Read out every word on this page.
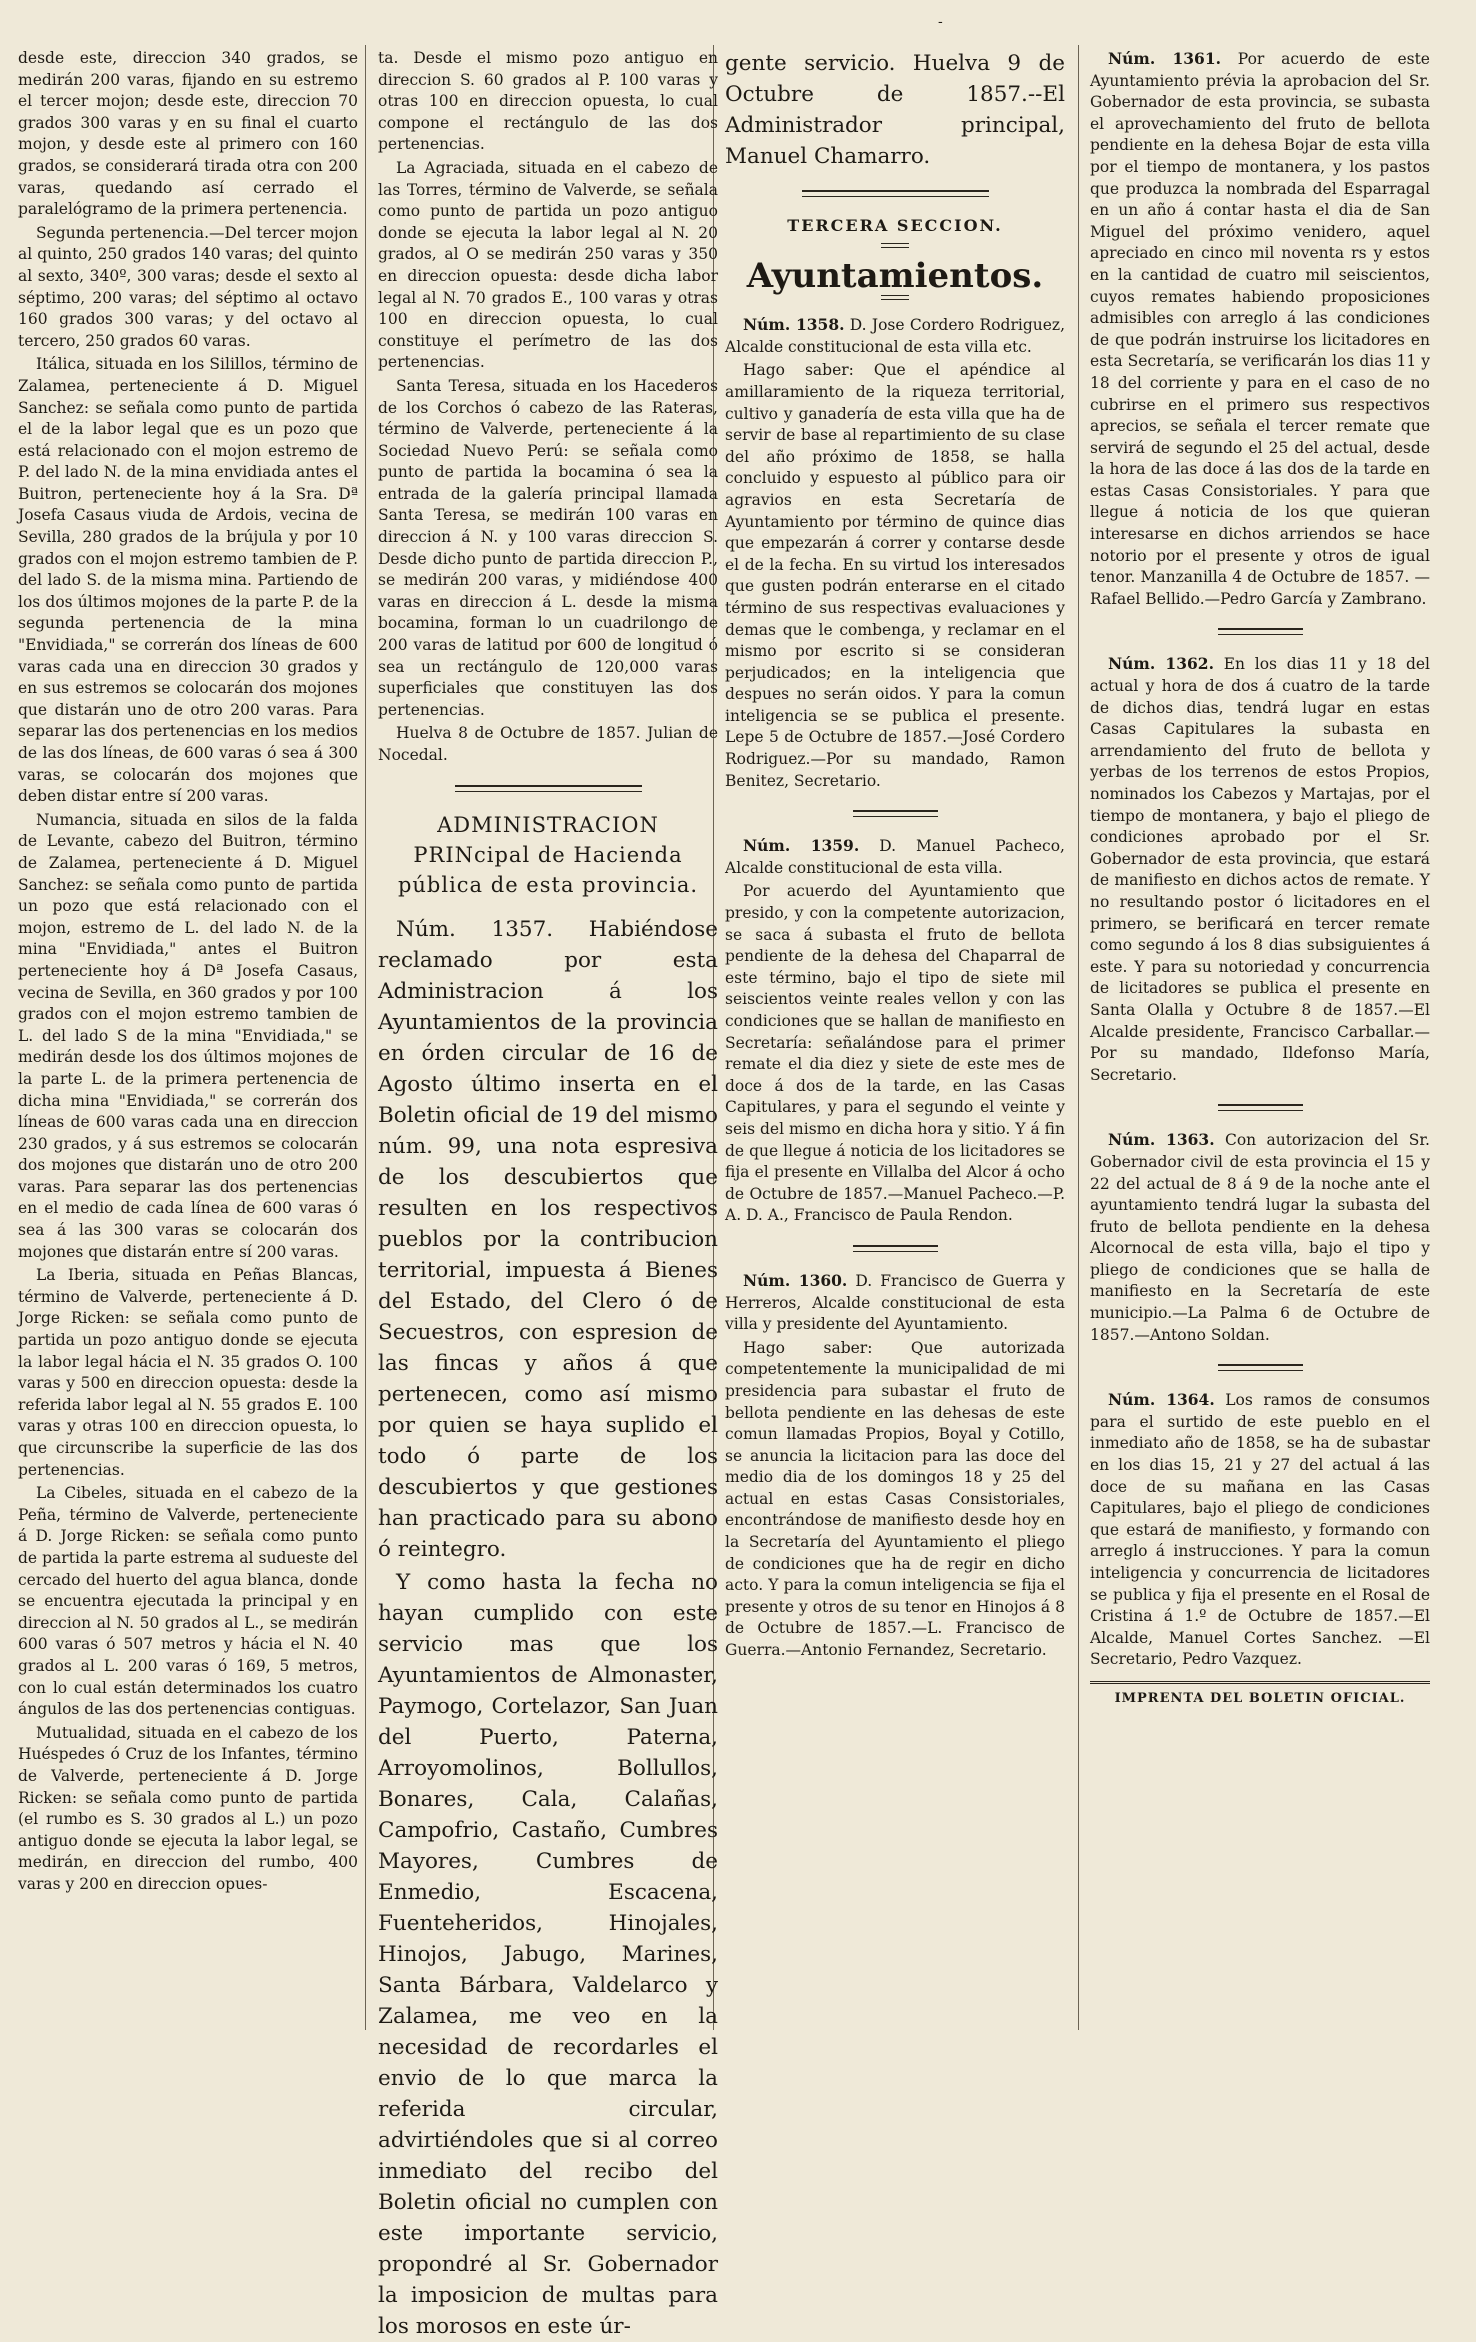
-

desde este, direccion 340 grados, se medirán 200 varas, fijando en su estremo el tercer mojon; desde este, direccion 70 grados 300 varas y en su final el cuarto mojon, y desde este al primero con 160 grados, se considerará tirada otra con 200 varas, quedando así cerrado el paralelógramo de la primera pertenencia.

Segunda pertenencia.—Del tercer mojon al quinto, 250 grados 140 varas; del quinto al sexto, 340º, 300 varas; desde el sexto al séptimo, 200 varas; del séptimo al octavo 160 grados 300 varas; y del octavo al tercero, 250 grados 60 varas.

Itálica, situada en los Silillos, término de Zalamea, perteneciente á D. Miguel Sanchez: se señala como punto de partida el de la labor legal que es un pozo que está relacionado con el mojon estremo de P. del lado N. de la mina envidiada antes el Buitron, perteneciente hoy á la Sra. Dª Josefa Casaus viuda de Ardois, vecina de Sevilla, 280 grados de la brújula y por 10 grados con el mojon estremo tambien de P. del lado S. de la misma mina. Partiendo de los dos últimos mojones de la parte P. de la segunda pertenencia de la mina "Envidiada," se correrán dos líneas de 600 varas cada una en direccion 30 grados y en sus estremos se colocarán dos mojones que distarán uno de otro 200 varas. Para separar las dos pertenencias en los medios de las dos líneas, de 600 varas ó sea á 300 varas, se colocarán dos mojones que deben distar entre sí 200 varas.

Numancia, situada en silos de la falda de Levante, cabezo del Buitron, término de Zalamea, perteneciente á D. Miguel Sanchez: se señala como punto de partida un pozo que está relacionado con el mojon, estremo de L. del lado N. de la mina "Envidiada," antes el Buitron perteneciente hoy á Dª Josefa Casaus, vecina de Sevilla, en 360 grados y por 100 grados con el mojon estremo tambien de L. del lado S de la mina "Envidiada," se medirán desde los dos últimos mojones de la parte L. de la primera pertenencia de dicha mina "Envidiada," se correrán dos líneas de 600 varas cada una en direccion 230 grados, y á sus estremos se colocarán dos mojones que distarán uno de otro 200 varas. Para separar las dos pertenencias en el medio de cada línea de 600 varas ó sea á las 300 varas se colocarán dos mojones que distarán entre sí 200 varas.

La Iberia, situada en Peñas Blancas, término de Valverde, perteneciente á D. Jorge Ricken: se señala como punto de partida un pozo antiguo donde se ejecuta la labor legal hácia el N. 35 grados O. 100 varas y 500 en direccion opuesta: desde la referida labor legal al N. 55 grados E. 100 varas y otras 100 en direccion opuesta, lo que circunscribe la superficie de las dos pertenencias.

La Cibeles, situada en el cabezo de la Peña, término de Valverde, perteneciente á D. Jorge Ricken: se señala como punto de partida la parte estrema al sudueste del cercado del huerto del agua blanca, donde se encuentra ejecutada la principal y en direccion al N. 50 grados al L., se medirán 600 varas ó 507 metros y hácia el N. 40 grados al L. 200 varas ó 169, 5 metros, con lo cual están determinados los cuatro ángulos de las dos pertenencias contiguas.

Mutualidad, situada en el cabezo de los Huéspedes ó Cruz de los Infantes, término de Valverde, perteneciente á D. Jorge Ricken: se señala como punto de partida (el rumbo es S. 30 grados al L.) un pozo antiguo donde se ejecuta la labor legal, se medirán, en direccion del rumbo, 400 varas y 200 en direccion opues-

ta. Desde el mismo pozo antiguo en direccion S. 60 grados al P. 100 varas y otras 100 en direccion opuesta, lo cual compone el rectángulo de las dos pertenencias.

La Agraciada, situada en el cabezo de las Torres, término de Valverde, se señala como punto de partida un pozo antiguo donde se ejecuta la labor legal al N. 20 grados, al O se medirán 250 varas y 350 en direccion opuesta: desde dicha labor legal al N. 70 grados E., 100 varas y otras 100 en direccion opuesta, lo cual constituye el perímetro de las dos pertenencias.

Santa Teresa, situada en los Hacederos de los Corchos ó cabezo de las Rateras, término de Valverde, perteneciente á la Sociedad Nuevo Perú: se señala como punto de partida la bocamina ó sea la entrada de la galería principal llamada Santa Teresa, se medirán 100 varas en direccion á N. y 100 varas direccion S. Desde dicho punto de partida direccion P., se medirán 200 varas, y midiéndose 400 varas en direccion á L. desde la misma bocamina, forman lo un cuadrilongo de 200 varas de latitud por 600 de longitud ó sea un rectángulo de 120,000 varas superficiales que constituyen las dos pertenencias.

Huelva 8 de Octubre de 1857. Julian de Nocedal.

ADMINISTRACION PRINcipal de Hacienda pública de esta provincia.

Núm. 1357. Habiéndose reclamado por esta Administracion á los Ayuntamientos de la provincia en órden circular de 16 de Agosto último inserta en el Boletin oficial de 19 del mismo núm. 99, una nota espresiva de los descubiertos que resulten en los respectivos pueblos por la contribucion territorial, impuesta á Bienes del Estado, del Clero ó de Secuestros, con espresion de las fincas y años á que pertenecen, como así mismo por quien se haya suplido el todo ó parte de los descubiertos y que gestiones han practicado para su abono ó reintegro.

Y como hasta la fecha no hayan cumplido con este servicio mas que los Ayuntamientos de Almonaster, Paymogo, Cortelazor, San Juan del Puerto, Paterna, Arroyomolinos, Bollullos, Bonares, Cala, Calañas, Campofrio, Castaño, Cumbres Mayores, Cumbres de Enmedio, Escacena, Fuenteheridos, Hinojales, Hinojos, Jabugo, Marines, Santa Bárbara, Valdelarco y Zalamea, me veo en la necesidad de recordarles el envio de lo que marca la referida circular, advirtiéndoles que si al correo inmediato del recibo del Boletin oficial no cumplen con este importante servicio, propondré al Sr. Gobernador la imposicion de multas para los morosos en este úr-

gente servicio. Huelva 9 de Octubre de 1857.--El Administrador principal, Manuel Chamarro.

TERCERA SECCION.
Ayuntamientos.

Núm. 1358. D. Jose Cordero Rodriguez, Alcalde constitucional de esta villa etc.

Hago saber: Que el apéndice al amillaramiento de la riqueza territorial, cultivo y ganadería de esta villa que ha de servir de base al repartimiento de su clase del año próximo de 1858, se halla concluido y espuesto al público para oir agravios en esta Secretaría de Ayuntamiento por término de quince dias que empezarán á correr y contarse desde el de la fecha. En su virtud los interesados que gusten podrán enterarse en el citado término de sus respectivas evaluaciones y demas que le combenga, y reclamar en el mismo por escrito si se consideran perjudicados; en la inteligencia que despues no serán oidos. Y para la comun inteligencia se se publica el presente. Lepe 5 de Octubre de 1857.—José Cordero Rodriguez.—Por su mandado, Ramon Benitez, Secretario.

Núm. 1359. D. Manuel Pacheco, Alcalde constitucional de esta villa.

Por acuerdo del Ayuntamiento que presido, y con la competente autorizacion, se saca á subasta el fruto de bellota pendiente de la dehesa del Chaparral de este término, bajo el tipo de siete mil seiscientos veinte reales vellon y con las condiciones que se hallan de manifiesto en Secretaría: señalándose para el primer remate el dia diez y siete de este mes de doce á dos de la tarde, en las Casas Capitulares, y para el segundo el veinte y seis del mismo en dicha hora y sitio. Y á fin de que llegue á noticia de los licitadores se fija el presente en Villalba del Alcor á ocho de Octubre de 1857.—Manuel Pacheco.—P. A. D. A., Francisco de Paula Rendon.

Núm. 1360. D. Francisco de Guerra y Herreros, Alcalde constitucional de esta villa y presidente del Ayuntamiento.

Hago saber: Que autorizada competentemente la municipalidad de mi presidencia para subastar el fruto de bellota pendiente en las dehesas de este comun llamadas Propios, Boyal y Cotillo, se anuncia la licitacion para las doce del medio dia de los domingos 18 y 25 del actual en estas Casas Consistoriales, encontrándose de manifiesto desde hoy en la Secretaría del Ayuntamiento el pliego de condiciones que ha de regir en dicho acto. Y para la comun inteligencia se fija el presente y otros de su tenor en Hinojos á 8 de Octubre de 1857.—L. Francisco de Guerra.—Antonio Fernandez, Secretario.

Núm. 1361. Por acuerdo de este Ayuntamiento prévia la aprobacion del Sr. Gobernador de esta provincia, se subasta el aprovechamiento del fruto de bellota pendiente en la dehesa Bojar de esta villa por el tiempo de montanera, y los pastos que produzca la nombrada del Esparragal en un año á contar hasta el dia de San Miguel del próximo venidero, aquel apreciado en cinco mil noventa rs y estos en la cantidad de cuatro mil seiscientos, cuyos remates habiendo proposiciones admisibles con arreglo á las condiciones de que podrán instruirse los licitadores en esta Secretaría, se verificarán los dias 11 y 18 del corriente y para en el caso de no cubrirse en el primero sus respectivos aprecios, se señala el tercer remate que servirá de segundo el 25 del actual, desde la hora de las doce á las dos de la tarde en estas Casas Consistoriales. Y para que llegue á noticia de los que quieran interesarse en dichos arriendos se hace notorio por el presente y otros de igual tenor. Manzanilla 4 de Octubre de 1857. —Rafael Bellido.—Pedro García y Zambrano.

Núm. 1362. En los dias 11 y 18 del actual y hora de dos á cuatro de la tarde de dichos dias, tendrá lugar en estas Casas Capitulares la subasta en arrendamiento del fruto de bellota y yerbas de los terrenos de estos Propios, nominados los Cabezos y Martajas, por el tiempo de montanera, y bajo el pliego de condiciones aprobado por el Sr. Gobernador de esta provincia, que estará de manifiesto en dichos actos de remate. Y no resultando postor ó licitadores en el primero, se berificará en tercer remate como segundo á los 8 dias subsiguientes á este. Y para su notoriedad y concurrencia de licitadores se publica el presente en Santa Olalla y Octubre 8 de 1857.—El Alcalde presidente, Francisco Carballar.—Por su mandado, Ildefonso María, Secretario.

Núm. 1363. Con autorizacion del Sr. Gobernador civil de esta provincia el 15 y 22 del actual de 8 á 9 de la noche ante el ayuntamiento tendrá lugar la subasta del fruto de bellota pendiente en la dehesa Alcornocal de esta villa, bajo el tipo y pliego de condiciones que se halla de manifiesto en la Secretaría de este municipio.—La Palma 6 de Octubre de 1857.—Antono Soldan.

Núm. 1364. Los ramos de consumos para el surtido de este pueblo en el inmediato año de 1858, se ha de subastar en los dias 15, 21 y 27 del actual á las doce de su mañana en las Casas Capitulares, bajo el pliego de condiciones que estará de manifiesto, y formando con arreglo á instrucciones. Y para la comun inteligencia y concurrencia de licitadores se publica y fija el presente en el Rosal de Cristina á 1.º de Octubre de 1857.—El Alcalde, Manuel Cortes Sanchez. —El Secretario, Pedro Vazquez.

IMPRENTA DEL BOLETIN OFICIAL.
